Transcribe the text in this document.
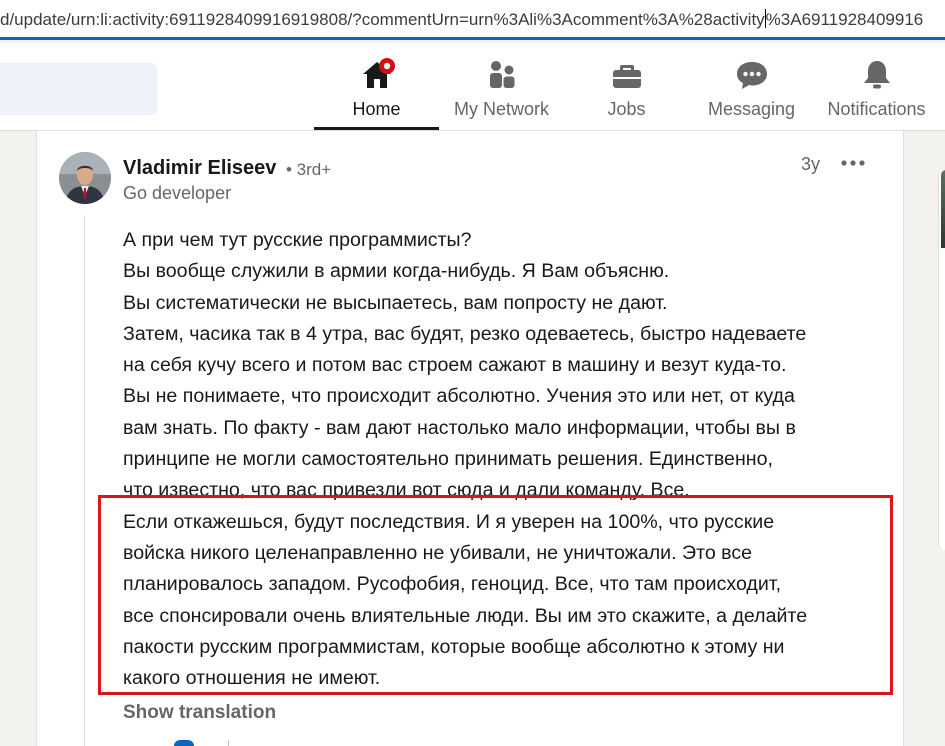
d/update/urn:li:activity:6911928409916919808/?commentUrn=urn%3Ali%3Acomment%3A%28activity%3A6911928409916
Home	My Network	Jobs	Messaging	Notifications
Vladimir Eliseev • 3rd+
Go developer
3y
А при чем тут русские программисты?
Вы вообще служили в армии когда-нибудь. Я Вам объясню.
Вы систематически не высыпаетесь, вам попросту не дают.
Затем, часика так в 4 утра, вас будят, резко одеваетесь, быстро надеваете
на себя кучу всего и потом вас строем сажают в машину и везут куда-то.
Вы не понимаете, что происходит абсолютно. Учения это или нет, от куда
вам знать. По факту - вам дают настолько мало информации, чтобы вы в
принципе не могли самостоятельно принимать решения. Единственно,
что известно, что вас привезли вот сюда и дали команду. Все.
Если откажешься, будут последствия. И я уверен на 100%, что русские
войска никого целенаправленно не убивали, не уничтожали. Это все
планировалось западом. Русофобия, геноцид. Все, что там происходит,
все спонсировали очень влиятельные люди. Вы им это скажите, а делайте
пакости русским программистам, которые вообще абсолютно к этому ни
какого отношения не имеют.
Show translation
